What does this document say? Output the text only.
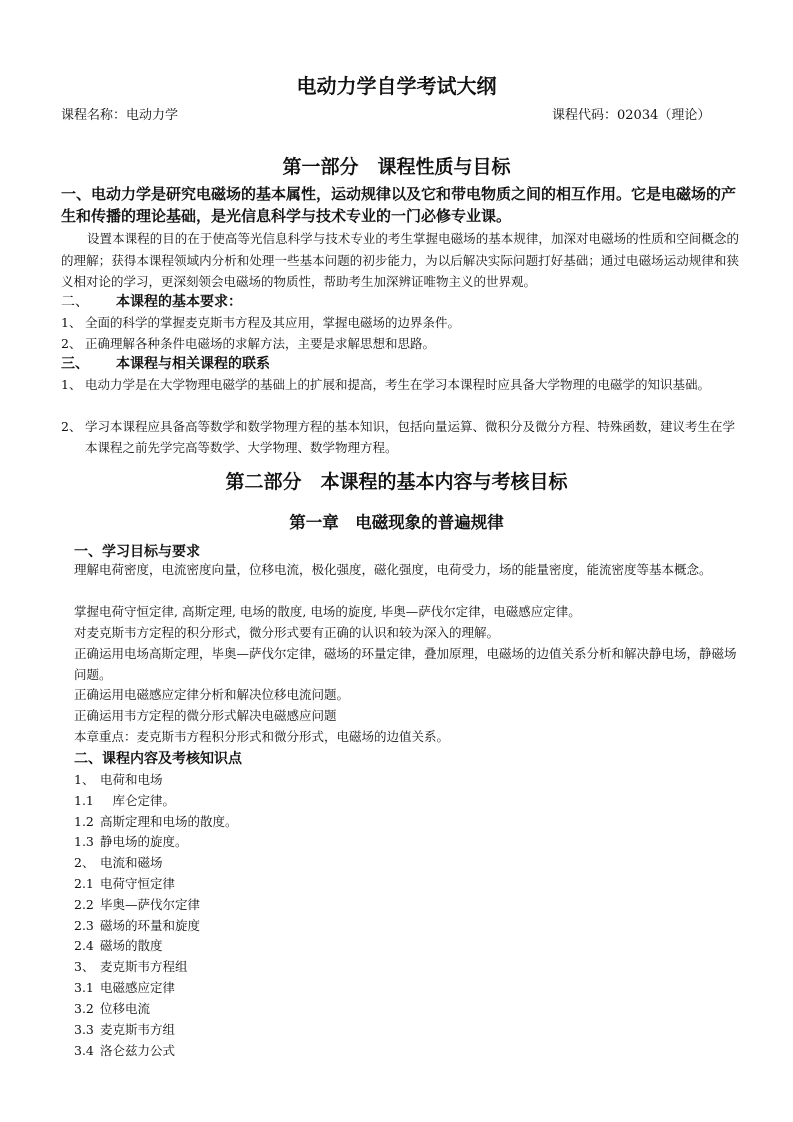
电动力学自学考试大纲
课程名称：电动力学	课程代码：02034（理论）
第一部分　课程性质与目标
一、电动力学是研究电磁场的基本属性，运动规律以及它和带电物质之间的相互作用。它是电磁场的产生和传播的理论基础，是光信息科学与技术专业的一门必修专业课。
设置本课程的目的在于使高等光信息科学与技术专业的考生掌握电磁场的基本规律，加深对电磁场的性质和空间概念的的理解；获得本课程领域内分析和处理一些基本问题的初步能力，为以后解决实际问题打好基础；通过电磁场运动规律和狭义相对论的学习，更深刻领会电磁场的物质性，帮助考生加深辨证唯物主义的世界观。
二、 本课程的基本要求：
1、 全面的科学的掌握麦克斯韦方程及其应用，掌握电磁场的边界条件。
2、 正确理解各种条件电磁场的求解方法，主要是求解思想和思路。
三、 本课程与相关课程的联系
1、 电动力学是在大学物理电磁学的基础上的扩展和提高，考生在学习本课程时应具备大学物理的电磁学的知识基础。
2、 学习本课程应具备高等数学和数学物理方程的基本知识，包括向量运算、微积分及微分方程、特殊函数，建议考生在学本课程之前先学完高等数学、大学物理、数学物理方程。
第二部分　本课程的基本内容与考核目标
第一章　电磁现象的普遍规律
一、学习目标与要求
理解电荷密度，电流密度向量，位移电流，极化强度，磁化强度，电荷受力，场的能量密度，能流密度等基本概念。
掌握电荷守恒定律, 高斯定理, 电场的散度, 电场的旋度, 毕奥—萨伐尔定律，电磁感应定律。
对麦克斯韦方定程的积分形式，微分形式要有正确的认识和较为深入的理解。
正确运用电场高斯定理，毕奥—萨伐尔定律，磁场的环量定律，叠加原理，电磁场的边值关系分析和解决静电场，静磁场问题。
正确运用电磁感应定律分析和解决位移电流问题。
正确运用韦方定程的微分形式解决电磁感应问题
本章重点：麦克斯韦方程积分形式和微分形式，电磁场的边值关系。
二、课程内容及考核知识点
1、 电荷和电场
1.1　库仑定律。
1.2 高斯定理和电场的散度。
1.3 静电场的旋度。
2、 电流和磁场
2.1 电荷守恒定律
2.2 毕奥—萨伐尔定律
2.3 磁场的环量和旋度
2.4 磁场的散度
3、 麦克斯韦方程组
3.1 电磁感应定律
3.2 位移电流
3.3 麦克斯韦方组
3.4 洛仑兹力公式
